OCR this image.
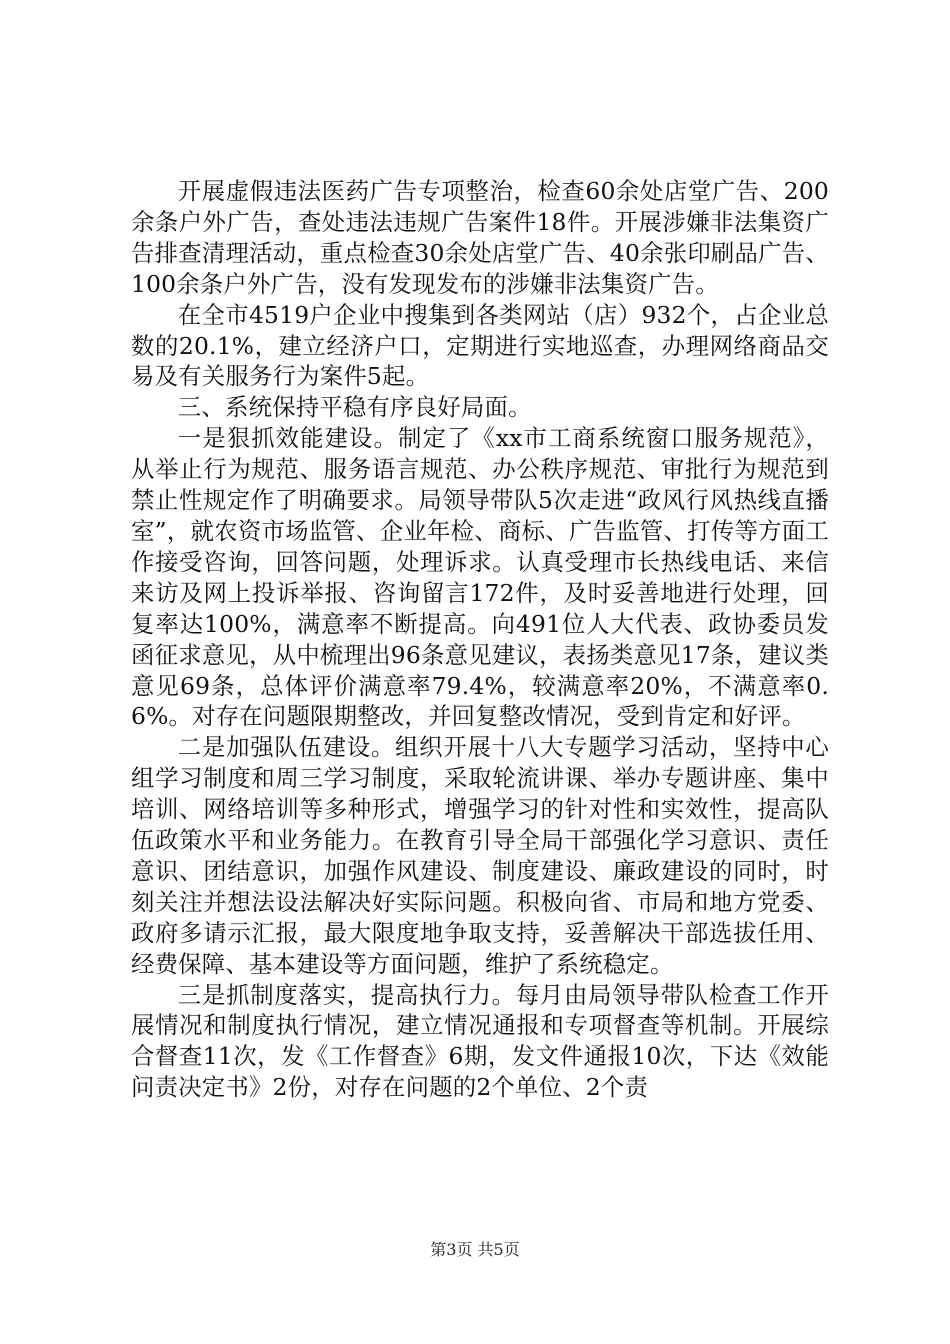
开展虚假违法医药广告专项整治，检查60余处店堂广告、200余条户外广告，查处违法违规广告案件18件。开展涉嫌非法集资广告排查清理活动，重点检查30余处店堂广告、40余张印刷品广告、100余条户外广告，没有发现发布的涉嫌非法集资广告。

在全市4519户企业中搜集到各类网站（店）932个，占企业总数的20.1%，建立经济户口，定期进行实地巡查，办理网络商品交易及有关服务行为案件5起。

三、系统保持平稳有序良好局面。

一是狠抓效能建设。制定了《xx市工商系统窗口服务规范》，从举止行为规范、服务语言规范、办公秩序规范、审批行为规范到禁止性规定作了明确要求。局领导带队5次走进“政风行风热线直播室”，就农资市场监管、企业年检、商标、广告监管、打传等方面工作接受咨询，回答问题，处理诉求。认真受理市长热线电话、来信来访及网上投诉举报、咨询留言172件，及时妥善地进行处理，回复率达100%，满意率不断提高。向491位人大代表、政协委员发函征求意见，从中梳理出96条意见建议，表扬类意见17条，建议类意见69条，总体评价满意率79.4%，较满意率20%，不满意率0.6%。对存在问题限期整改，并回复整改情况，受到肯定和好评。

二是加强队伍建设。组织开展十八大专题学习活动，坚持中心组学习制度和周三学习制度，采取轮流讲课、举办专题讲座、集中培训、网络培训等多种形式，增强学习的针对性和实效性，提高队伍政策水平和业务能力。在教育引导全局干部强化学习意识、责任意识、团结意识，加强作风建设、制度建设、廉政建设的同时，时刻关注并想法设法解决好实际问题。积极向省、市局和地方党委、政府多请示汇报，最大限度地争取支持，妥善解决干部选拔任用、经费保障、基本建设等方面问题，维护了系统稳定。

三是抓制度落实，提高执行力。每月由局领导带队检查工作开展情况和制度执行情况，建立情况通报和专项督查等机制。开展综合督查11次，发《工作督查》6期，发文件通报10次，下达《效能问责决定书》2份，对存在问题的2个单位、2个责

第3页 共5页
